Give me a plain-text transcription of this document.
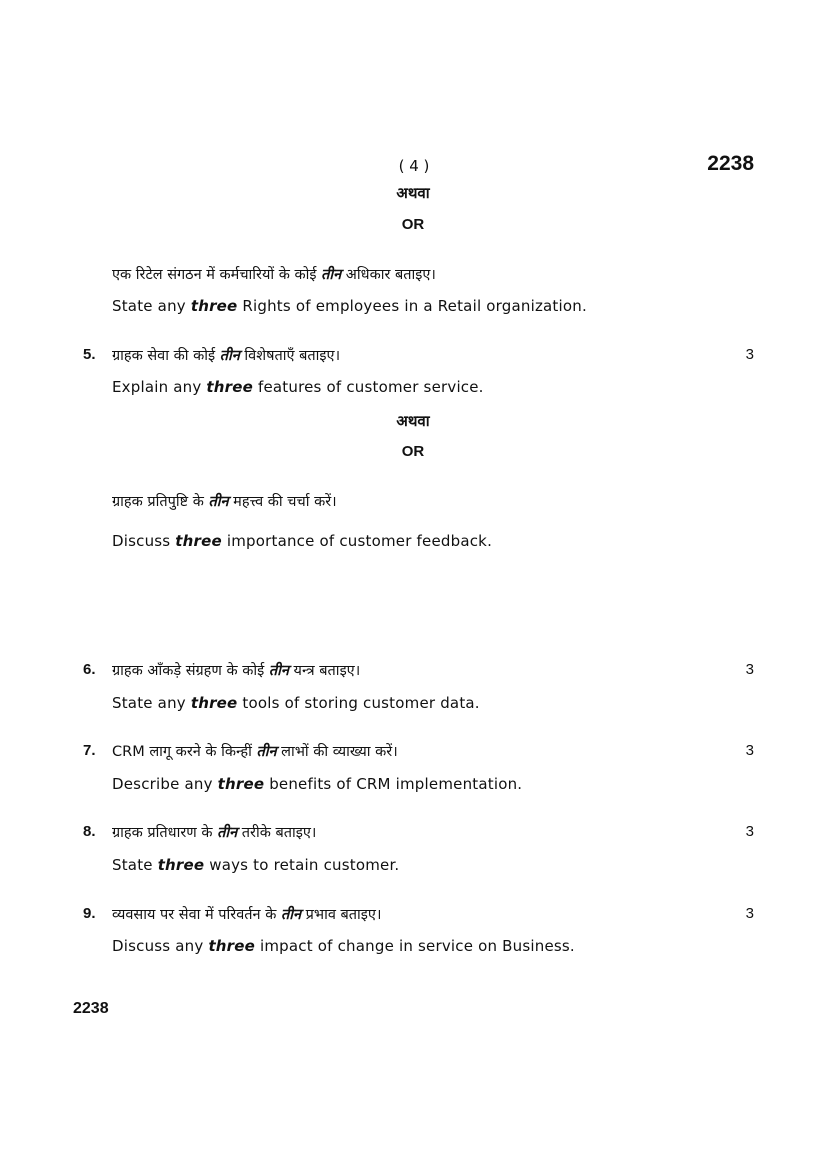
( 4 )	2238
अथवा
OR
एक रिटेल संगठन में कर्मचारियों के कोई तीन अधिकार बताइए।
State any three Rights of employees in a Retail organization.
5.	3
ग्राहक सेवा की कोई तीन विशेषताएँ बताइए।
Explain any three features of customer service.
अथवा
OR
ग्राहक प्रतिपुष्टि के तीन महत्त्व की चर्चा करें।
Discuss three importance of customer feedback.
6.	3
ग्राहक आँकड़े संग्रहण के कोई तीन यन्त्र बताइए।
State any three tools of storing customer data.
7.	3
CRM लागू करने के किन्हीं तीन लाभों की व्याख्या करें।
Describe any three benefits of CRM implementation.
8.	3
ग्राहक प्रतिधारण के तीन तरीके बताइए।
State three ways to retain customer.
9.	3
व्यवसाय पर सेवा में परिवर्तन के तीन प्रभाव बताइए।
Discuss any three impact of change in service on Business.
2238
